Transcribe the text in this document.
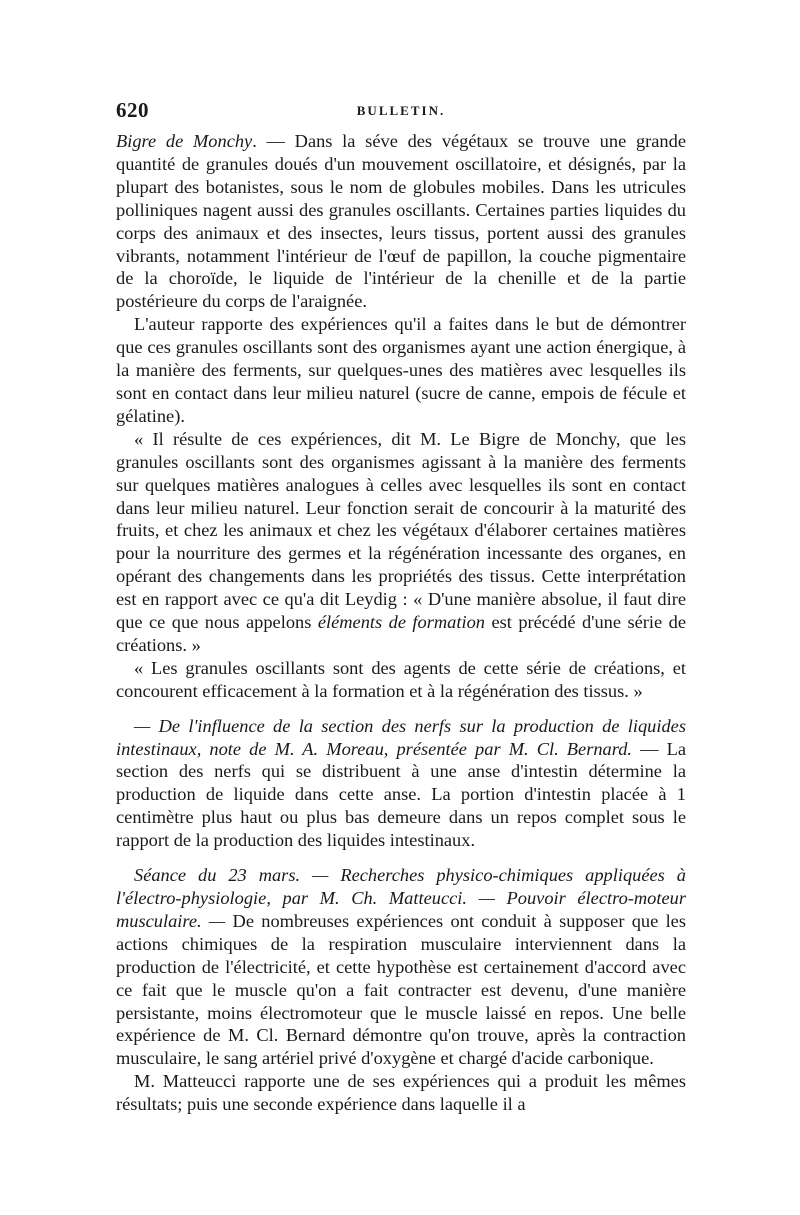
620	BULLETIN.

Bigre de Monchy. — Dans la séve des végétaux se trouve une grande quantité de granules doués d'un mouvement oscillatoire, et désignés, par la plupart des botanistes, sous le nom de globules mobiles. Dans les utricules polliniques nagent aussi des granules oscillants. Certaines parties liquides du corps des animaux et des insectes, leurs tissus, portent aussi des granules vibrants, notamment l'intérieur de l'œuf de papillon, la couche pigmentaire de la choroïde, le liquide de l'intérieur de la chenille et de la partie postérieure du corps de l'araignée.

L'auteur rapporte des expériences qu'il a faites dans le but de démontrer que ces granules oscillants sont des organismes ayant une action énergique, à la manière des ferments, sur quelques-unes des matières avec lesquelles ils sont en contact dans leur milieu naturel (sucre de canne, empois de fécule et gélatine).

« Il résulte de ces expériences, dit M. Le Bigre de Monchy, que les granules oscillants sont des organismes agissant à la manière des ferments sur quelques matières analogues à celles avec lesquelles ils sont en contact dans leur milieu naturel. Leur fonction serait de concourir à la maturité des fruits, et chez les animaux et chez les végétaux d'élaborer certaines matières pour la nourriture des germes et la régénération incessante des organes, en opérant des changements dans les propriétés des tissus. Cette interprétation est en rapport avec ce qu'a dit Leydig : « D'une manière absolue, il faut dire que ce que nous appelons éléments de formation est précédé d'une série de créations. »

« Les granules oscillants sont des agents de cette série de créations, et concourent efficacement à la formation et à la régénération des tissus. »

— De l'influence de la section des nerfs sur la production de liquides intestinaux, note de M. A. Moreau, présentée par M. Cl. Bernard. — La section des nerfs qui se distribuent à une anse d'intestin détermine la production de liquide dans cette anse. La portion d'intestin placée à 1 centimètre plus haut ou plus bas demeure dans un repos complet sous le rapport de la production des liquides intestinaux.

Séance du 23 mars. — Recherches physico-chimiques appliquées à l'électro-physiologie, par M. Ch. Matteucci. — Pouvoir électro-moteur musculaire. — De nombreuses expériences ont conduit à supposer que les actions chimiques de la respiration musculaire interviennent dans la production de l'électricité, et cette hypothèse est certainement d'accord avec ce fait que le muscle qu'on a fait contracter est devenu, d'une manière persistante, moins électromoteur que le muscle laissé en repos. Une belle expérience de M. Cl. Bernard démontre qu'on trouve, après la contraction musculaire, le sang artériel privé d'oxygène et chargé d'acide carbonique.

M. Matteucci rapporte une de ses expériences qui a produit les mêmes résultats; puis une seconde expérience dans laquelle il a
